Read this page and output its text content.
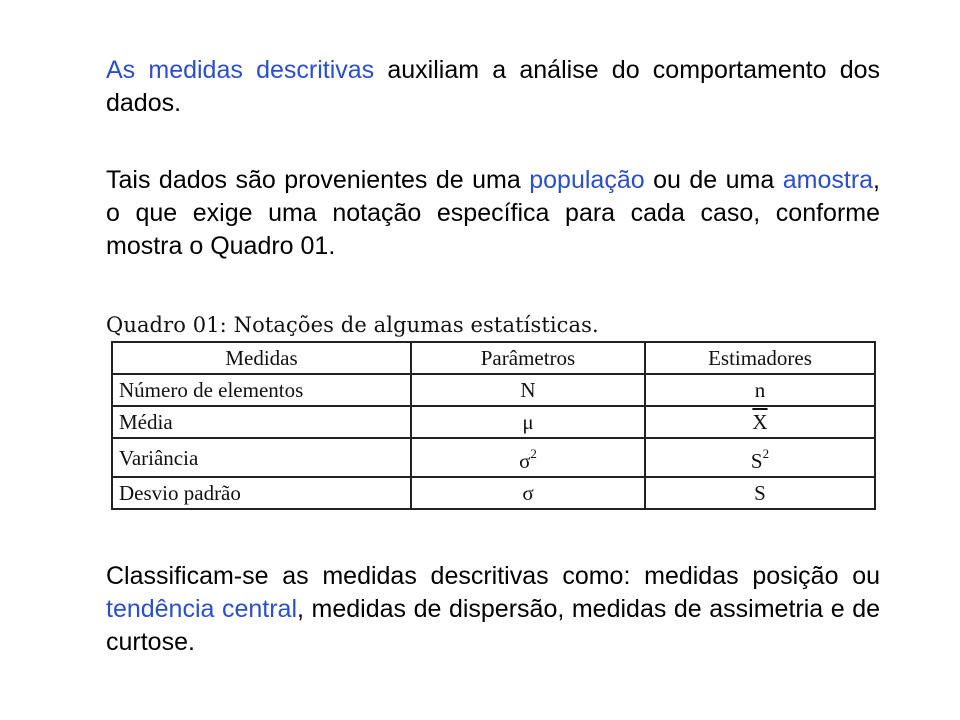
As medidas descritivas auxiliam a análise do comportamento dos dados.

Tais dados são provenientes de uma população ou de uma amostra, o que exige uma notação específica para cada caso, conforme mostra o Quadro 01.

Quadro 01: Notações de algumas estatísticas.
Medidas	Parâmetros	Estimadores
Número de elementos	N	n
Média	μ	$\overline{X}$
Variância	$\sigma^2$	$S^2$
Desvio padrão	σ	S

Classificam-se as medidas descritivas como: medidas posição ou tendência central, medidas de dispersão, medidas de assimetria e de curtose.
